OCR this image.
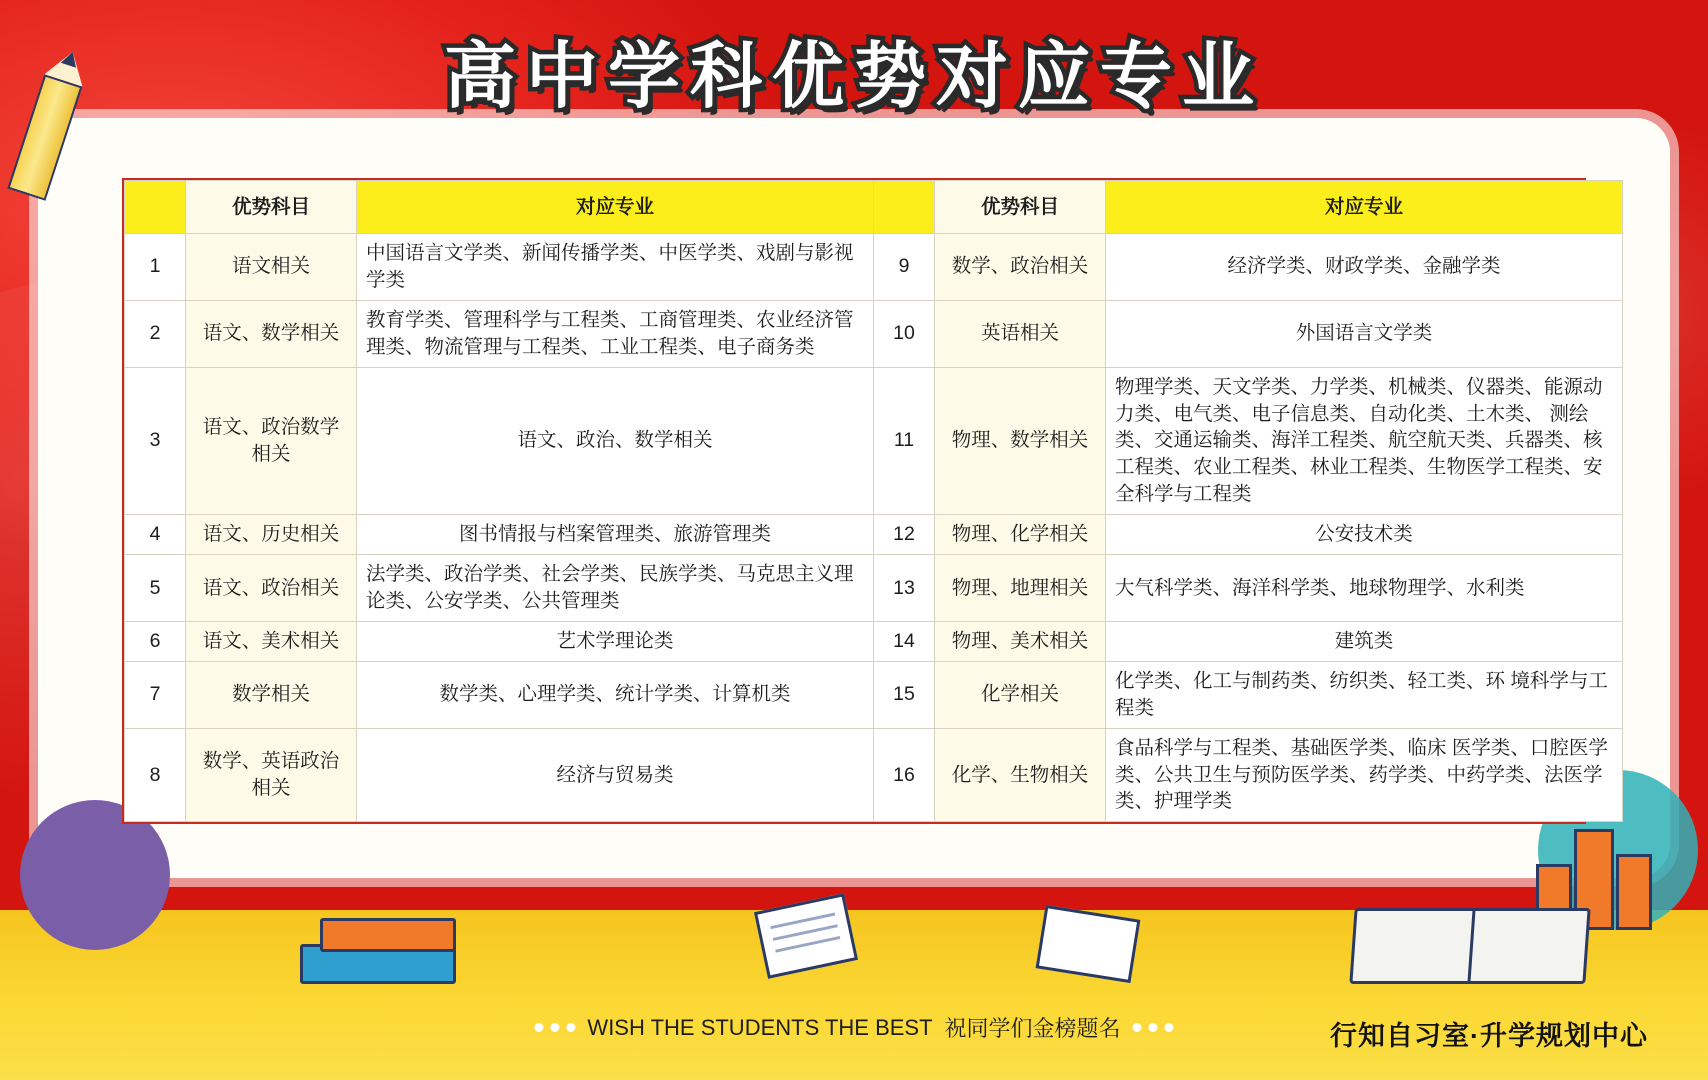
高中学科优势对应专业
	优势科目	对应专业		优势科目	对应专业
1	语文相关	中国语言文学类、新闻传播学类、中医学类、戏剧与影视学类	9	数学、政治相关	经济学类、财政学类、金融学类
2	语文、数学相关	教育学类、管理科学与工程类、工商管理类、农业经济管理类、物流管理与工程类、工业工程类、电子商务类	10	英语相关	外国语言文学类
3	语文、政治数学相关	语文、政治、数学相关	11	物理、数学相关	物理学类、天文学类、力学类、机械类、仪器类、能源动力类、电气类、电子信息类、自动化类、土木类、 测绘类、交通运输类、海洋工程类、航空航天类、兵器类、核工程类、农业工程类、林业工程类、生物医学工程类、安全科学与工程类
4	语文、历史相关	图书情报与档案管理类、旅游管理类	12	物理、化学相关	公安技术类
5	语文、政治相关	法学类、政治学类、社会学类、民族学类、马克思主义理论类、公安学类、公共管理类	13	物理、地理相关	大气科学类、海洋科学类、地球物理学、水利类
6	语文、美术相关	艺术学理论类	14	物理、美术相关	建筑类
7	数学相关	数学类、心理学类、统计学类、计算机类	15	化学相关	化学类、化工与制药类、纺织类、轻工类、环 境科学与工程类
8	数学、英语政治相关	经济与贸易类	16	化学、生物相关	食品科学与工程类、基础医学类、临床 医学类、口腔医学类、公共卫生与预防医学类、药学类、中药学类、法医学类、护理学类
WISH THE STUDENTS THE BEST 祝同学们金榜题名	行知自习室·升学规划中心
